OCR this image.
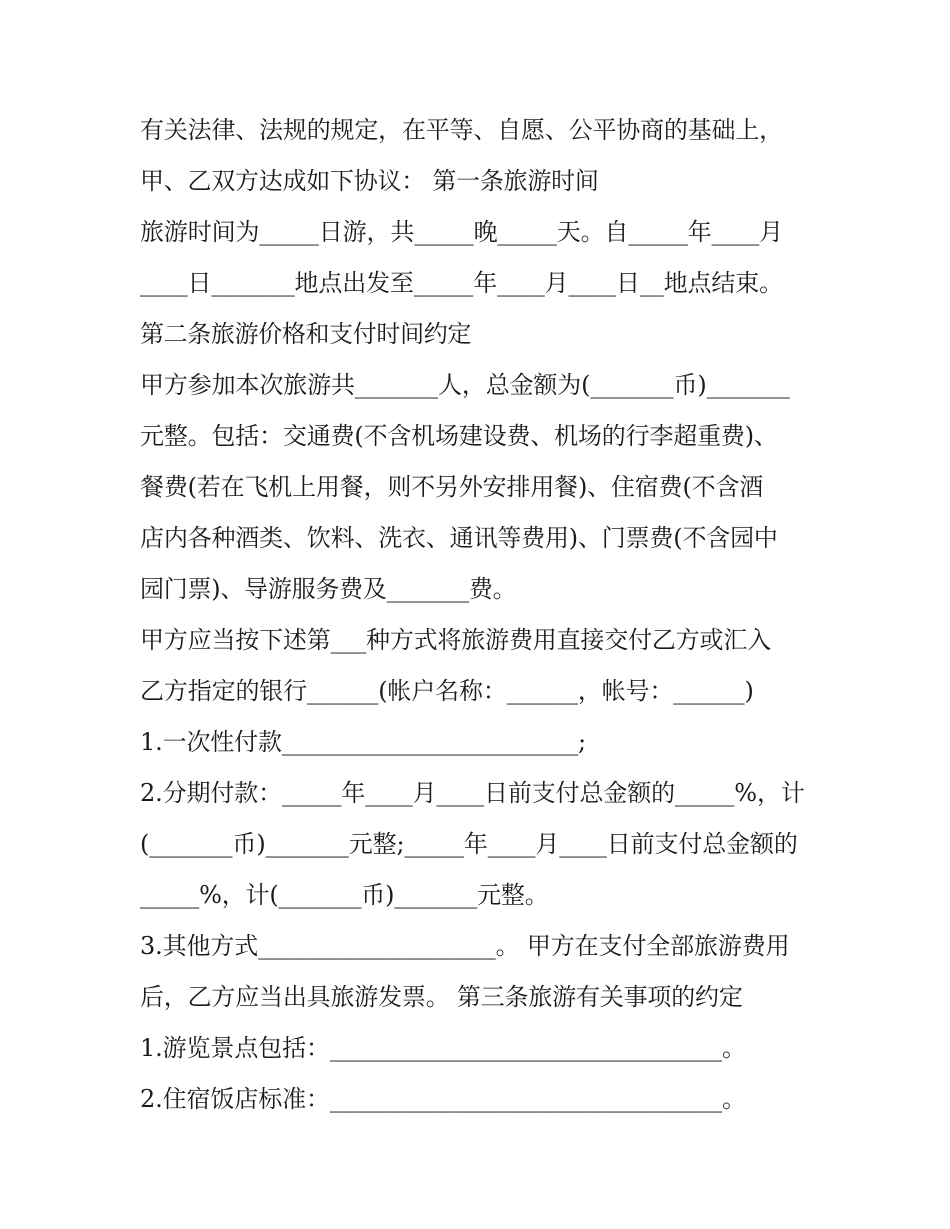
有关法律、法规的规定，在平等、自愿、公平协商的基础上，
甲、乙双方达成如下协议： 第一条旅游时间
旅游时间为_____日游，共_____晚_____天。自_____年____月
____日_______地点出发至_____年____月____日__地点结束。
第二条旅游价格和支付时间约定
甲方参加本次旅游共_______人，总金额为(_______币)_______
元整。包括：交通费(不含机场建设费、机场的行李超重费)、
餐费(若在飞机上用餐，则不另外安排用餐)、住宿费(不含酒
店内各种酒类、饮料、洗衣、通讯等费用)、门票费(不含园中
园门票)、导游服务费及_______费。
甲方应当按下述第___种方式将旅游费用直接交付乙方或汇入
乙方指定的银行______(帐户名称：______，帐号：______)
1.一次性付款_________________________;
2.分期付款：_____年____月____日前支付总金额的_____%，计
(_______币)_______元整;_____年____月____日前支付总金额的
_____%，计(_______币)_______元整。
3.其他方式____________________。 甲方在支付全部旅游费用
后，乙方应当出具旅游发票。 第三条旅游有关事项的约定
1.游览景点包括：_________________________________。
2.住宿饭店标准：_________________________________。
